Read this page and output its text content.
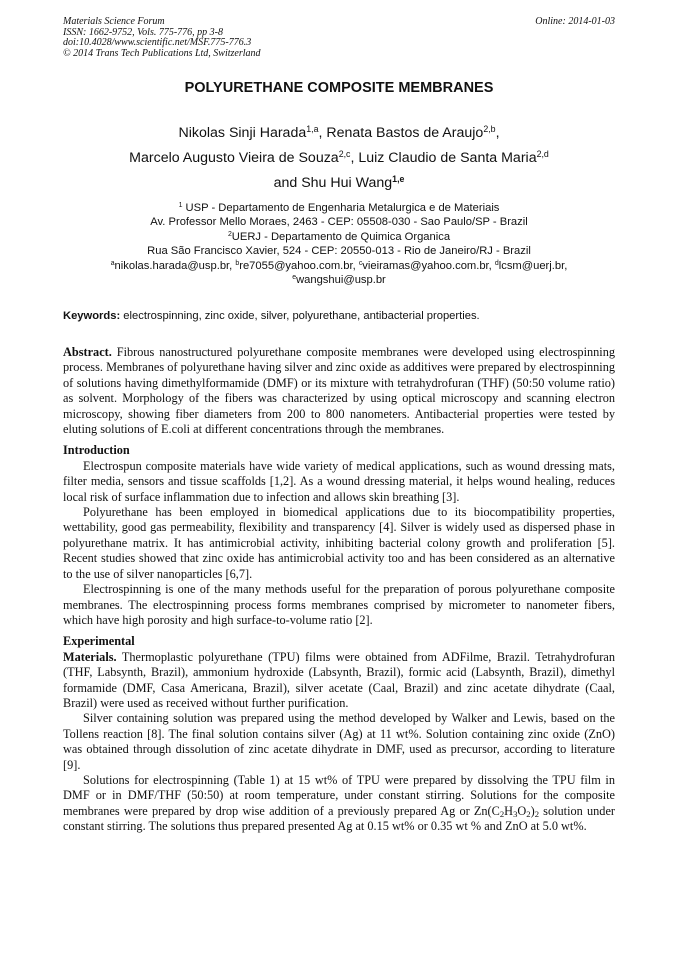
Materials Science Forum
ISSN: 1662-9752, Vols. 775-776, pp 3-8
doi:10.4028/www.scientific.net/MSF.775-776.3
© 2014 Trans Tech Publications Ltd, Switzerland
Online: 2014-01-03
POLYURETHANE COMPOSITE MEMBRANES
Nikolas Sinji Harada$^{1,a}$, Renata Bastos de Araujo$^{2,b}$,
Marcelo Augusto Vieira de Souza$^{2,c}$, Luiz Claudio de Santa Maria$^{2,d}$
and Shu Hui Wang$^{1,e}$
$^1$ USP - Departamento de Engenharia Metalurgica e de Materiais
Av. Professor Mello Moraes, 2463 - CEP: 05508-030 - Sao Paulo/SP - Brazil
$^2$UERJ - Departamento de Quimica Organica
Rua São Francisco Xavier, 524 - CEP: 20550-013 - Rio de Janeiro/RJ - Brazil
$^a$nikolas.harada@usp.br, $^b$re7055@yahoo.com.br, $^c$vieiramas@yahoo.com.br, $^d$lcsm@uerj.br,
$^e$wangshui@usp.br
Keywords: electrospinning, zinc oxide, silver, polyurethane, antibacterial properties.

Abstract. Fibrous nanostructured polyurethane composite membranes were developed using electrospinning process. Membranes of polyurethane having silver and zinc oxide as additives were prepared by electrospinning of solutions having dimethylformamide (DMF) or its mixture with tetrahydrofuran (THF) (50:50 volume ratio) as solvent. Morphology of the fibers was characterized by using optical microscopy and scanning electron microscopy, showing fiber diameters from 200 to 800 nanometers. Antibacterial properties were tested by eluting solutions of E.coli at different concentrations through the membranes.

Introduction

Electrospun composite materials have wide variety of medical applications, such as wound dressing mats, filter media, sensors and tissue scaffolds [1,2]. As a wound dressing material, it helps wound healing, reduces local risk of surface inflammation due to infection and allows skin breathing [3].

Polyurethane has been employed in biomedical applications due to its biocompatibility properties, wettability, good gas permeability, flexibility and transparency [4]. Silver is widely used as dispersed phase in polyurethane matrix. It has antimicrobial activity, inhibiting bacterial colony growth and proliferation [5]. Recent studies showed that zinc oxide has antimicrobial activity too and has been considered as an alternative to the use of silver nanoparticles [6,7].

Electrospinning is one of the many methods useful for the preparation of porous polyurethane composite membranes. The electrospinning process forms membranes comprised by micrometer to nanometer fibers, which have high porosity and high surface-to-volume ratio [2].

Experimental

Materials. Thermoplastic polyurethane (TPU) films were obtained from ADFilme, Brazil. Tetrahydrofuran (THF, Labsynth, Brazil), ammonium hydroxide (Labsynth, Brazil), formic acid (Labsynth, Brazil), dimethyl formamide (DMF, Casa Americana, Brazil), silver acetate (Caal, Brazil) and zinc acetate dihydrate (Caal, Brazil) were used as received without further purification.

Silver containing solution was prepared using the method developed by Walker and Lewis, based on the Tollens reaction [8]. The final solution contains silver (Ag) at 11 wt%. Solution containing zinc oxide (ZnO) was obtained through dissolution of zinc acetate dihydrate in DMF, used as precursor, according to literature [9].

Solutions for electrospinning (Table 1) at 15 wt% of TPU were prepared by dissolving the TPU film in DMF or in DMF/THF (50:50) at room temperature, under constant stirring. Solutions for the composite membranes were prepared by drop wise addition of a previously prepared Ag or $Zn(C_2H_3O_2)_2$ solution under constant stirring. The solutions thus prepared presented Ag at 0.15 wt% or 0.35 wt % and ZnO at 5.0 wt%.
